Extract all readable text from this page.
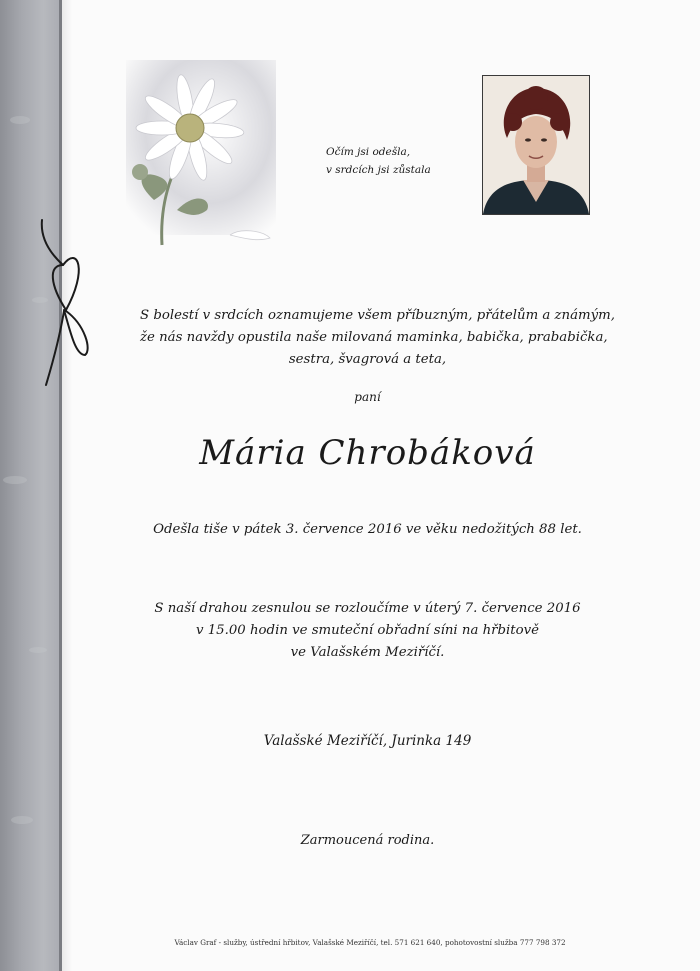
Očím jsi odešla,
v srdcích jsi zůstala
S bolestí v srdcích oznamujeme všem příbuzným, přátelům a známým,
že nás navždy opustila naše milovaná maminka, babička, prababička,
sestra, švagrová a teta,
paní
Mária Chrobáková
Odešla tiše v pátek 3. července 2016 ve věku nedožitých 88 let.
S naší drahou zesnulou se rozloučíme v úterý 7. července 2016
v 15.00 hodin ve smuteční obřadní síni na hřbitově
ve Valašském Meziříčí.
Valašské Meziříčí, Jurinka 149
Zarmoucená rodina.
Václav Graf - služby, ústřední hřbitov, Valašské Meziříčí, tel. 571 621 640, pohotovostní služba 777 798 372
